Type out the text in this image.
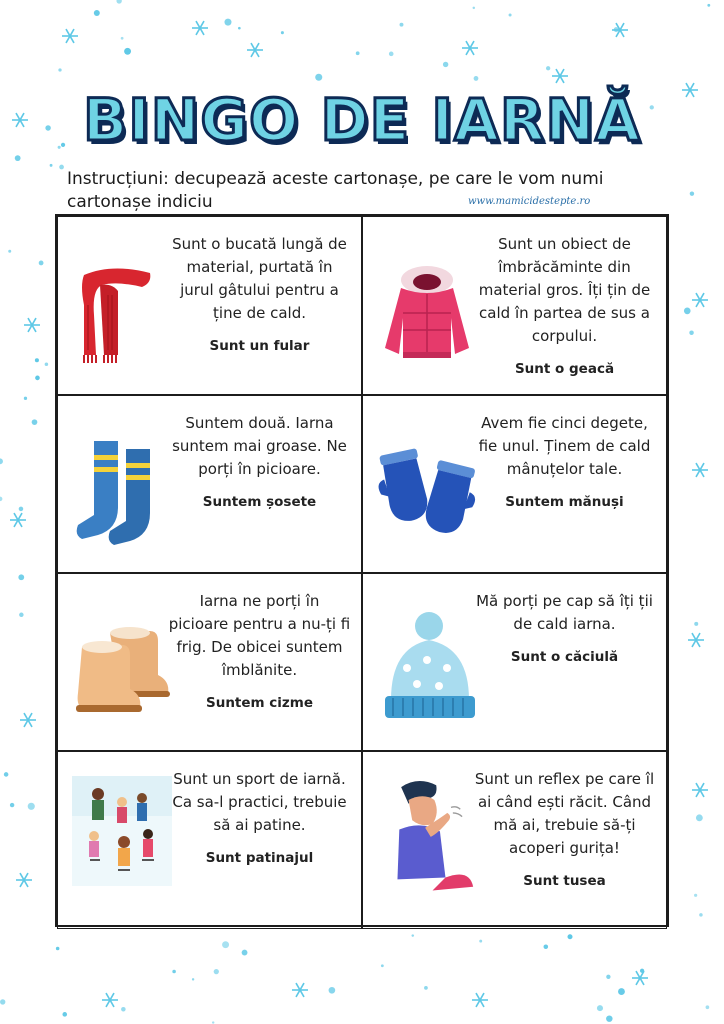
BINGO DE IARNĂ
Instrucțiuni: decupează aceste cartonașe, pe care le vom numi cartonașe indiciu	www.mamicidestepte.ro
Sunt o bucată lungă de material, purtată în jurul gâtului pentru a ține de cald.
Sunt un fular
Sunt un obiect de îmbrăcăminte din material gros. Îți țin de cald în partea de sus a corpului.
Sunt o geacă
Suntem două. Iarna suntem mai groase. Ne porți în picioare.
Suntem șosete
Avem fie cinci degete, fie unul. Ținem de cald mânuțelor tale.
Suntem mănuși
Iarna ne porți în picioare pentru a nu-ți fi frig. De obicei suntem îmblănite.
Suntem cizme
Mă porți pe cap să îți ții de cald iarna.
Sunt o căciulă
Sunt un sport de iarnă. Ca sa-l practici, trebuie să ai patine.
Sunt patinajul
Sunt un reflex pe care îl ai când ești răcit. Când mă ai, trebuie să-ți acoperi gurița!
Sunt tusea
